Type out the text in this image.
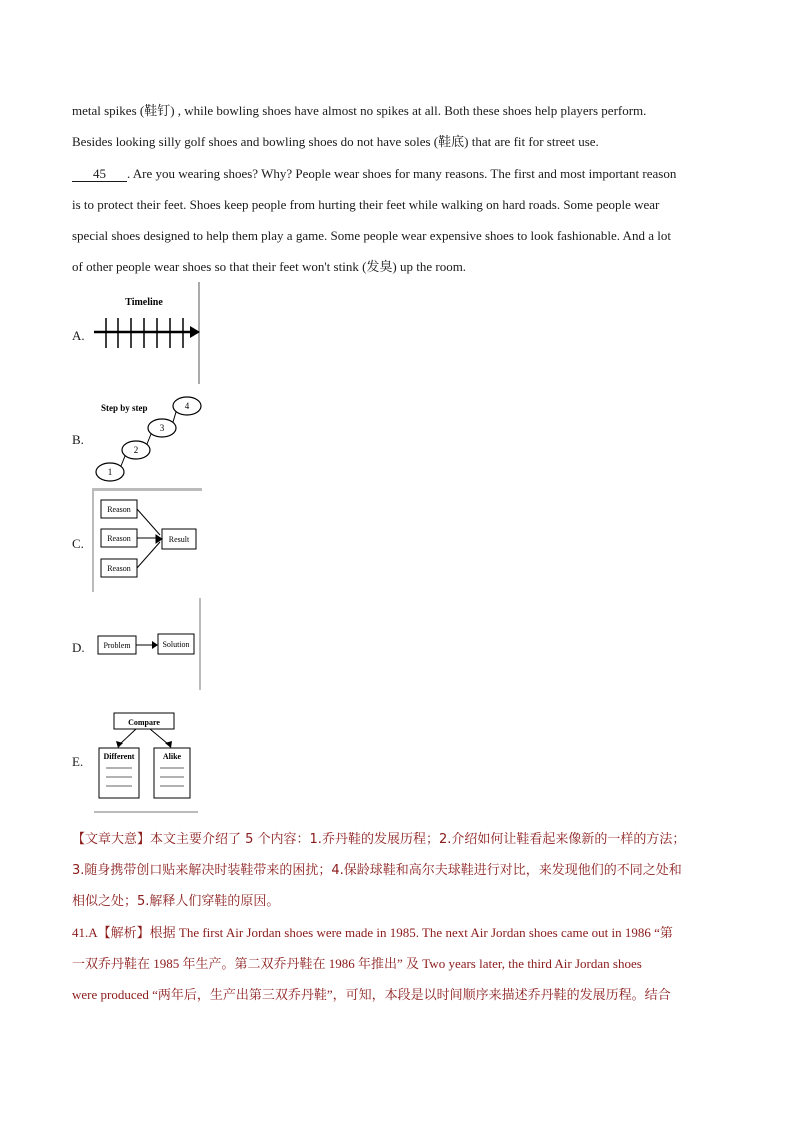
metal spikes (鞋钉) , while bowling shoes have almost no spikes at all. Both these shoes help players perform.
Besides looking silly golf shoes and bowling shoes do not have soles (鞋底) that are fit for street use.
45 . Are you wearing shoes? Why? People wear shoes for many reasons. The first and most important reason
is to protect their feet. Shoes keep people from hurting their feet while walking on hard roads. Some people wear
special shoes designed to help them play a game. Some people wear expensive shoes to look fashionable. And a lot
of other people wear shoes so that their feet won't stink (发臭) up the room.
A.
Timeline
B.
Step by step
1
2
3
4
C.
Reason
Reason
Reason
Result
D. Problem	Solution
E.
Compare
Different	Alike
【文章大意】本文主要介绍了 5 个内容：1.乔丹鞋的发展历程；2.介绍如何让鞋看起来像新的一样的方法；
3.随身携带创口贴来解决时装鞋带来的困扰；4.保龄球鞋和高尔夫球鞋进行对比，来发现他们的不同之处和
相似之处；5.解释人们穿鞋的原因。
41.A【解析】根据 The first Air Jordan shoes were made in 1985. The next Air Jordan shoes came out in 1986 “第
一双乔丹鞋在 1985 年生产。第二双乔丹鞋在 1986 年推出” 及 Two years later, the third Air Jordan shoes
were produced “两年后，生产出第三双乔丹鞋”，可知，本段是以时间顺序来描述乔丹鞋的发展历程。结合
